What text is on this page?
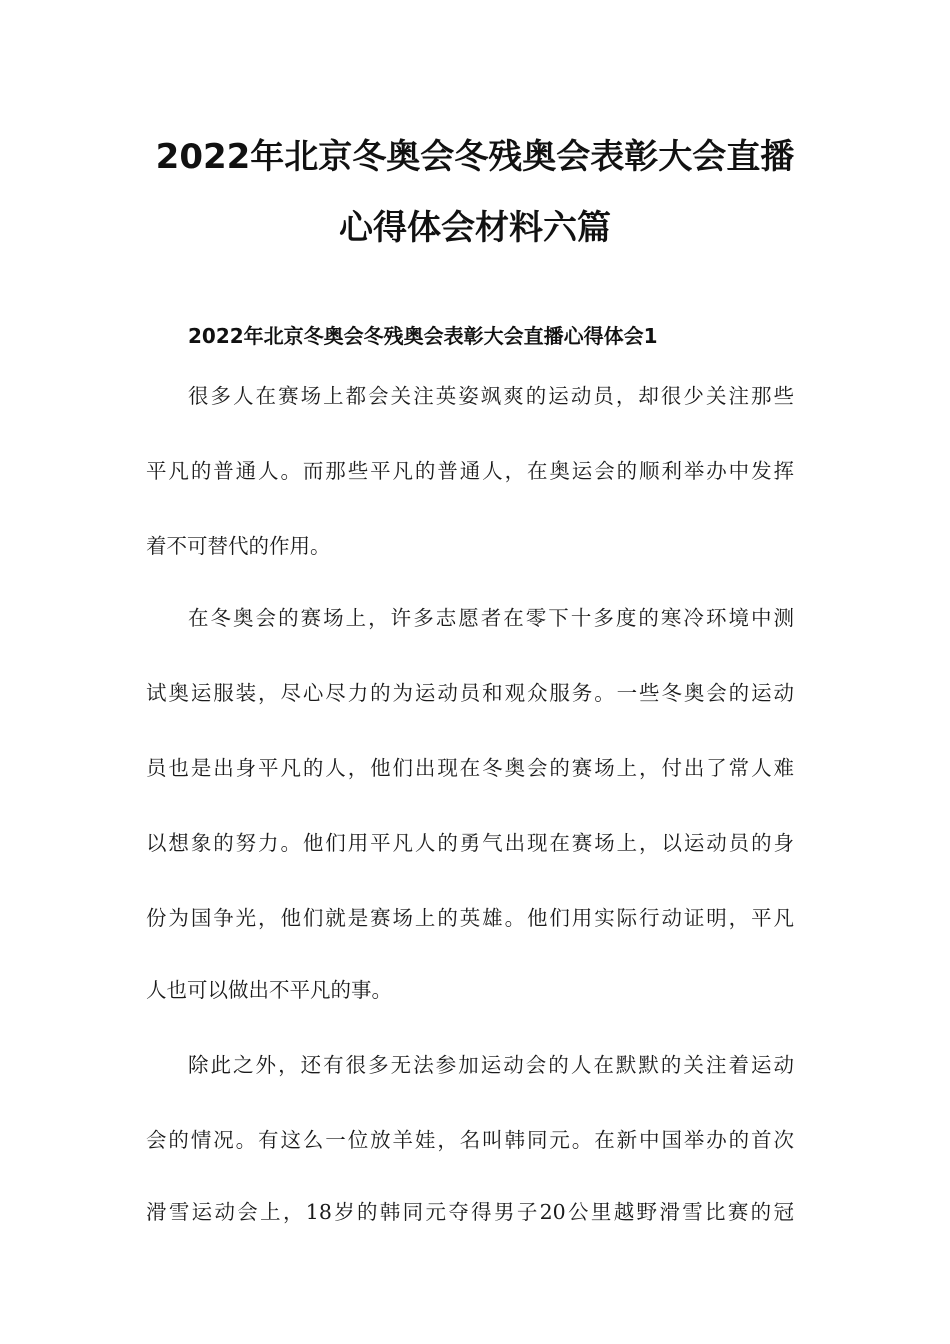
2022年北京冬奥会冬残奥会表彰大会直播
心得体会材料六篇
2022年北京冬奥会冬残奥会表彰大会直播心得体会1
很多人在赛场上都会关注英姿飒爽的运动员，却很少关注那些
平凡的普通人。而那些平凡的普通人，在奥运会的顺利举办中发挥
着不可替代的作用。
在冬奥会的赛场上，许多志愿者在零下十多度的寒冷环境中测
试奥运服装，尽心尽力的为运动员和观众服务。一些冬奥会的运动
员也是出身平凡的人，他们出现在冬奥会的赛场上，付出了常人难
以想象的努力。他们用平凡人的勇气出现在赛场上，以运动员的身
份为国争光，他们就是赛场上的英雄。他们用实际行动证明，平凡
人也可以做出不平凡的事。
除此之外，还有很多无法参加运动会的人在默默的关注着运动
会的情况。有这么一位放羊娃，名叫韩同元。在新中国举办的首次
滑雪运动会上，18岁的韩同元夺得男子20公里越野滑雪比赛的冠
